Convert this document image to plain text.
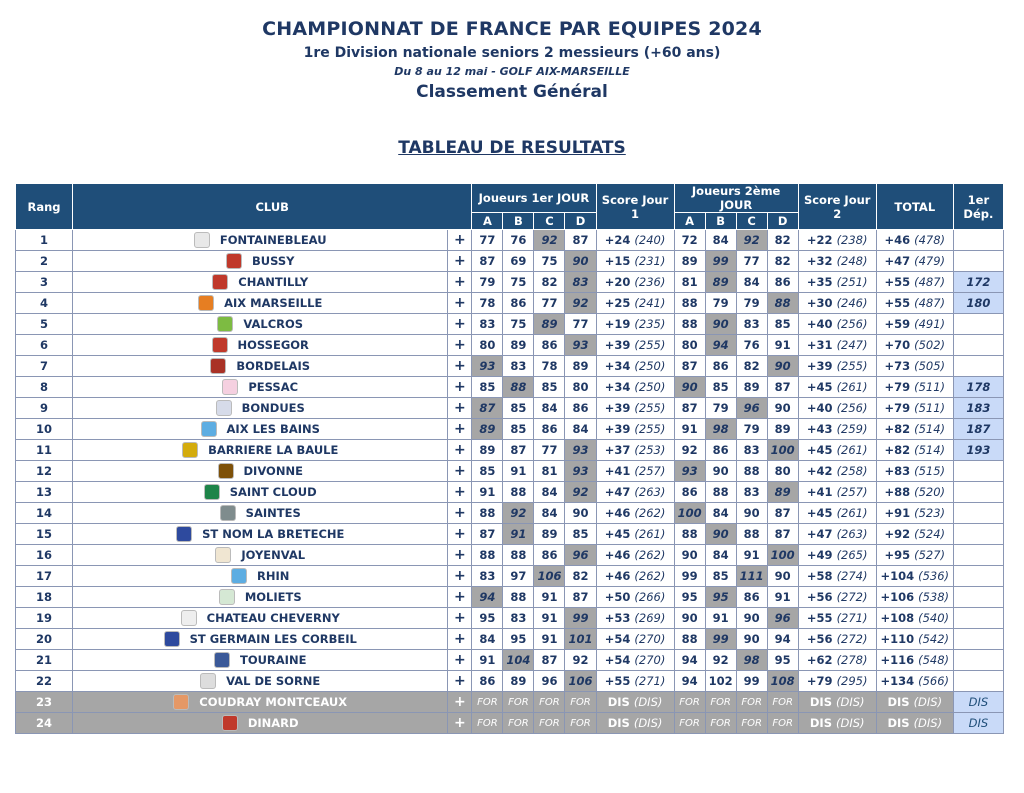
CHAMPIONNAT DE FRANCE PAR EQUIPES 2024
1re Division nationale seniors 2 messieurs (+60 ans)
Du 8 au 12 mai - GOLF AIX-MARSEILLE
Classement Général
TABLEAU DE RESULTATS
Rang	CLUB		Joueurs 1er JOUR				Score Jour 1	Joueurs 2ème JOUR				Score Jour 2	TOTAL	1er Dép.
			A	B	C	D		A	B	C	D			
1	FONTAINEBLEAU	+	77	76	92	87	+24 (240)	72	84	92	82	+22 (238)	+46 (478)	
2	BUSSY	+	87	69	75	90	+15 (231)	89	99	77	82	+32 (248)	+47 (479)	
3	CHANTILLY	+	79	75	82	83	+20 (236)	81	89	84	86	+35 (251)	+55 (487)	172
4	AIX MARSEILLE	+	78	86	77	92	+25 (241)	88	79	79	88	+30 (246)	+55 (487)	180
5	VALCROS	+	83	75	89	77	+19 (235)	88	90	83	85	+40 (256)	+59 (491)	
6	HOSSEGOR	+	80	89	86	93	+39 (255)	80	94	76	91	+31 (247)	+70 (502)	
7	BORDELAIS	+	93	83	78	89	+34 (250)	87	86	82	90	+39 (255)	+73 (505)	
8	PESSAC	+	85	88	85	80	+34 (250)	90	85	89	87	+45 (261)	+79 (511)	178
9	BONDUES	+	87	85	84	86	+39 (255)	87	79	96	90	+40 (256)	+79 (511)	183
10	AIX LES BAINS	+	89	85	86	84	+39 (255)	91	98	79	89	+43 (259)	+82 (514)	187
11	BARRIERE LA BAULE	+	89	87	77	93	+37 (253)	92	86	83	100	+45 (261)	+82 (514)	193
12	DIVONNE	+	85	91	81	93	+41 (257)	93	90	88	80	+42 (258)	+83 (515)	
13	SAINT CLOUD	+	91	88	84	92	+47 (263)	86	88	83	89	+41 (257)	+88 (520)	
14	SAINTES	+	88	92	84	90	+46 (262)	100	84	90	87	+45 (261)	+91 (523)	
15	ST NOM LA BRETECHE	+	87	91	89	85	+45 (261)	88	90	88	87	+47 (263)	+92 (524)	
16	JOYENVAL	+	88	88	86	96	+46 (262)	90	84	91	100	+49 (265)	+95 (527)	
17	RHIN	+	83	97	106	82	+46 (262)	99	85	111	90	+58 (274)	+104 (536)	
18	MOLIETS	+	94	88	91	87	+50 (266)	95	95	86	91	+56 (272)	+106 (538)	
19	CHATEAU CHEVERNY	+	95	83	91	99	+53 (269)	90	91	90	96	+55 (271)	+108 (540)	
20	ST GERMAIN LES CORBEIL	+	84	95	91	101	+54 (270)	88	99	90	94	+56 (272)	+110 (542)	
21	TOURAINE	+	91	104	87	92	+54 (270)	94	92	98	95	+62 (278)	+116 (548)	
22	VAL DE SORNE	+	86	89	96	106	+55 (271)	94	102	99	108	+79 (295)	+134 (566)	
23	COUDRAY MONTCEAUX	+	FOR	FOR	FOR	FOR	DIS (DIS)	FOR	FOR	FOR	FOR	DIS (DIS)	DIS (DIS)	DIS
24	DINARD	+	FOR	FOR	FOR	FOR	DIS (DIS)	FOR	FOR	FOR	FOR	DIS (DIS)	DIS (DIS)	DIS
